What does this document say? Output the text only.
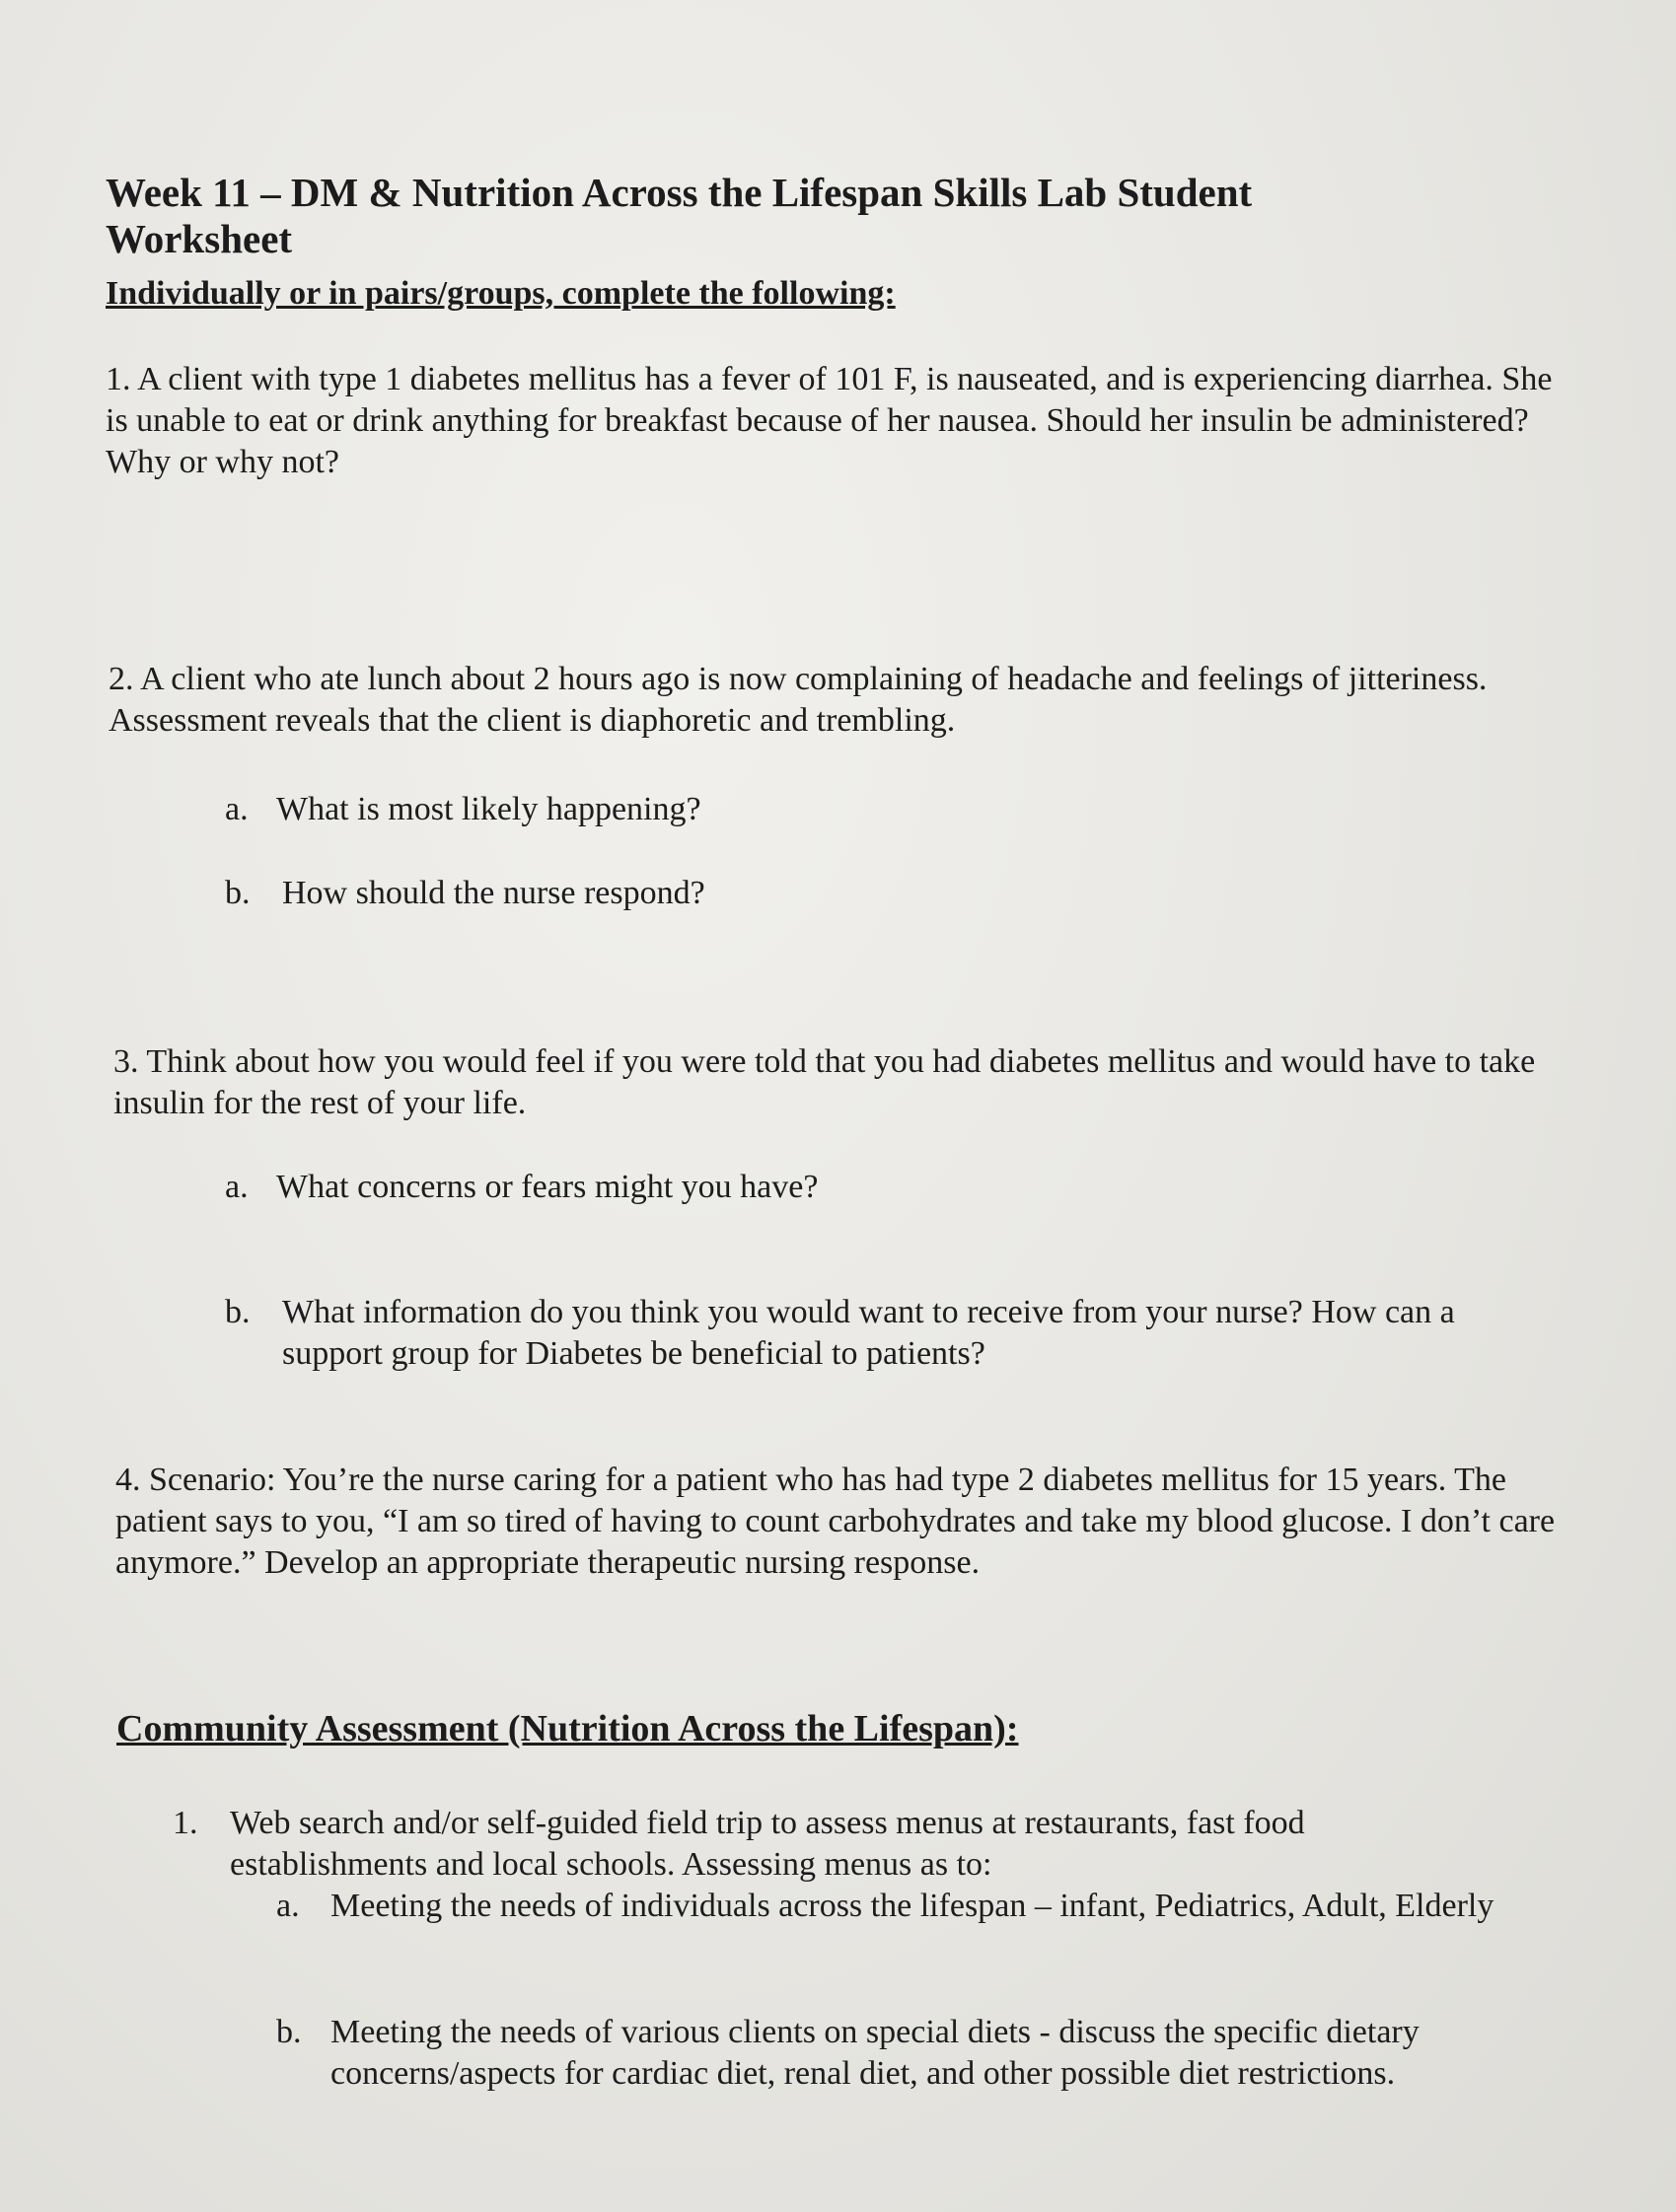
Week 11 – DM & Nutrition Across the Lifespan Skills Lab Student Worksheet

Individually or in pairs/groups, complete the following:

1. A client with type 1 diabetes mellitus has a fever of 101 F, is nauseated, and is experiencing diarrhea. She is unable to eat or drink anything for breakfast because of her nausea. Should her insulin be administered? Why or why not?

2. A client who ate lunch about 2 hours ago is now complaining of headache and feelings of jitteriness. Assessment reveals that the client is diaphoretic and trembling.

a. What is most likely happening?

b. How should the nurse respond?

3. Think about how you would feel if you were told that you had diabetes mellitus and would have to take insulin for the rest of your life.

a. What concerns or fears might you have?

b. What information do you think you would want to receive from your nurse? How can a support group for Diabetes be beneficial to patients?

4. Scenario: You’re the nurse caring for a patient who has had type 2 diabetes mellitus for 15 years. The patient says to you, “I am so tired of having to count carbohydrates and take my blood glucose. I don’t care anymore.” Develop an appropriate therapeutic nursing response.

Community Assessment (Nutrition Across the Lifespan):

1. Web search and/or self-guided field trip to assess menus at restaurants, fast food establishments and local schools. Assessing menus as to:

a. Meeting the needs of individuals across the lifespan – infant, Pediatrics, Adult, Elderly

b. Meeting the needs of various clients on special diets - discuss the specific dietary concerns/aspects for cardiac diet, renal diet, and other possible diet restrictions.
